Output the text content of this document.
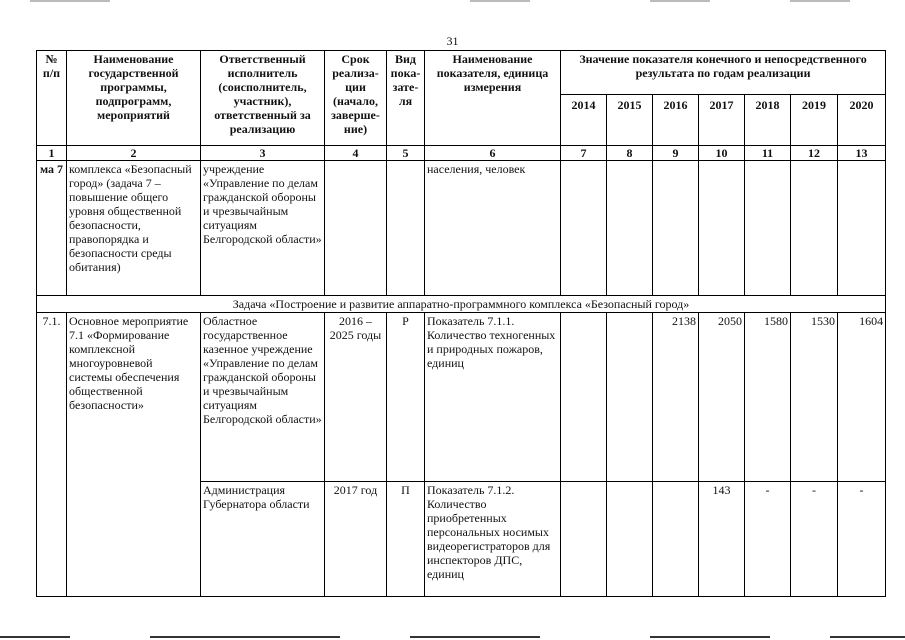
31
№ п/п	Наименование государственной программы, подпрограмм, мероприятий	Ответственный исполнитель (соисполнитель, участник), ответственный за реализацию	Срок реализа-ции (начало, заверше-ние)	Вид пока-зате-ля	Наименование показателя, единица измерения	Значение показателя конечного и непосредственного результата по годам реализации						
						2014	2015	2016	2017	2018	2019	2020
1	2	3	4	5	6	7	8	9	10	11	12	13
ма 7	комплекса «Безопасный город» (задача 7 – повышение общего уровня общественной безопасности, правопорядка и безопасности среды обитания)	учреждение «Управление по делам гражданской обороны и чрезвычайным ситуациям Белгородской области»			населения, человек							
Задача «Построение и развитие аппаратно-программного комплекса «Безопасный город»												
7.1.	Основное мероприятие 7.1 «Формирование комплексной многоуровневой системы обеспечения общественной безопасности»	Областное государственное казенное учреждение «Управление по делам гражданской обороны и чрезвычайным ситуациям Белгородской области»	2016 – 2025 годы	Р	Показатель 7.1.1. Количество техногенных и природных пожаров, единиц			2138	2050	1580	1530	1604
		Администрация Губернатора области	2017 год	П	Показатель 7.1.2. Количество приобретенных персональных носимых видеорегистраторов для инспекторов ДПС, единиц				143	-	-	-
